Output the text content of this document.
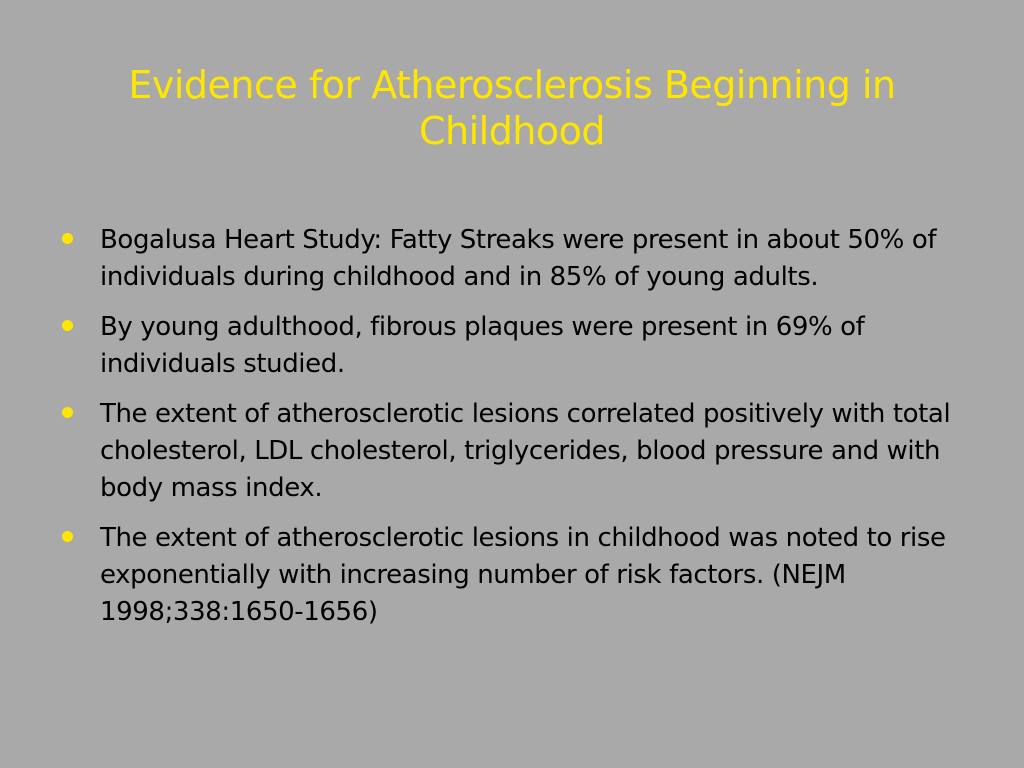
Evidence for Atherosclerosis Beginning in Childhood
Bogalusa Heart Study: Fatty Streaks were present in about 50% of individuals during childhood and in 85% of young adults.
By young adulthood, fibrous plaques were present in 69% of individuals studied.
The extent of atherosclerotic lesions correlated positively with total cholesterol, LDL cholesterol, triglycerides, blood pressure and with body mass index.
The extent of atherosclerotic lesions in childhood was noted to rise exponentially with increasing number of risk factors. (NEJM 1998;338:1650-1656)
